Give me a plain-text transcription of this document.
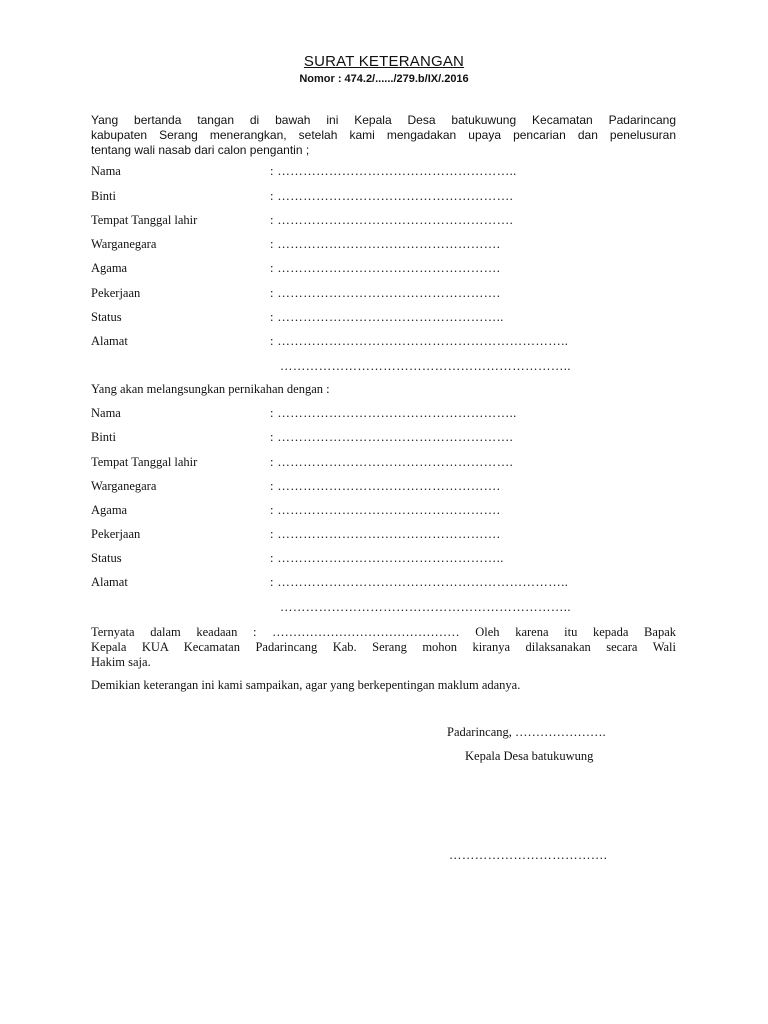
SURAT KETERANGAN
Nomor : 474.2/....../279.b/IX/.2016
Yang bertanda tangan di bawah ini Kepala Desa batukuwung Kecamatan Padarincang
kabupaten Serang menerangkan, setelah kami mengadakan upaya pencarian dan penelusuran
tentang wali nasab dari calon pengantin ;
Nama	: ………………………………………………..
Binti	: ……………………………………………….
Tempat Tanggal lahir	: ……………………………………………….
Warganegara	: …………………………………………….
Agama	: …………………………………………….
Pekerjaan	: …………………………………………….
Status	: ……………………………………………..
Alamat	: …………………………………………………………..
…………………………………………………………..
Yang akan melangsungkan pernikahan dengan :
Nama	: ………………………………………………..
Binti	: ……………………………………………….
Tempat Tanggal lahir	: ……………………………………………….
Warganegara	: …………………………………………….
Agama	: …………………………………………….
Pekerjaan	: …………………………………………….
Status	: ……………………………………………..
Alamat	: …………………………………………………………..
…………………………………………………………..
Ternyata dalam keadaan : ……………………………………… Oleh karena itu kepada Bapak
Kepala KUA Kecamatan Padarincang Kab. Serang mohon kiranya dilaksanakan secara Wali
Hakim saja.
Demikian keterangan ini kami sampaikan, agar yang berkepentingan maklum adanya.
Padarincang, ………………….
Kepala Desa batukuwung
……………………………….
